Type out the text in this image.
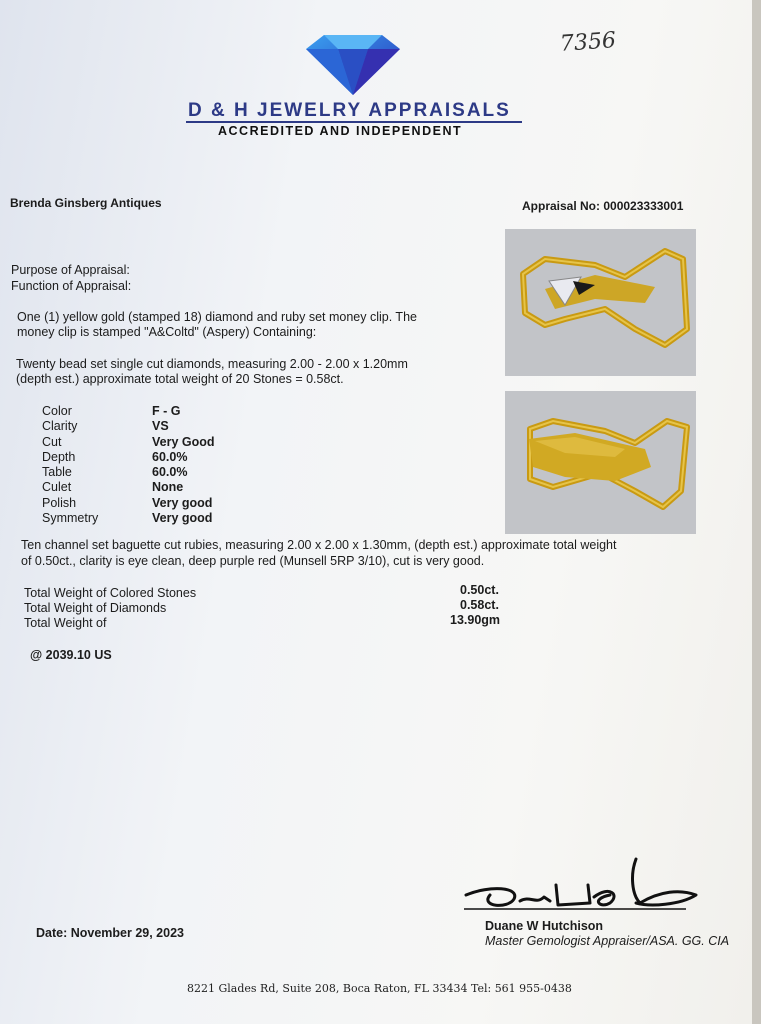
7356
D & H JEWELRY APPRAISALS
ACCREDITED AND INDEPENDENT
Brenda Ginsberg Antiques	Appraisal No: 000023333001
Purpose of Appraisal:
Function of Appraisal:
One (1) yellow gold (stamped 18) diamond and ruby set money clip. The
money clip is stamped "A&Coltd" (Aspery) Containing:
Twenty bead set single cut diamonds, measuring 2.00 - 2.00 x 1.20mm
(depth est.) approximate total weight of 20 Stones = 0.58ct.
Color	F - G
Clarity	VS
Cut	Very Good
Depth	60.0%
Table	60.0%
Culet	None
Polish	Very good
Symmetry	Very good
Ten channel set baguette cut rubies, measuring 2.00 x 2.00 x 1.30mm, (depth est.) approximate total weight
of 0.50ct., clarity is eye clean, deep purple red (Munsell 5RP 3/10), cut is very good.
Total Weight of Colored Stones	0.50ct.
Total Weight of Diamonds	0.58ct.
Total Weight of	13.90gm
@ 2039.10 US
Date: November 29, 2023	Duane W Hutchison
Master Gemologist Appraiser/ASA. GG. CIA
8221 Glades Rd, Suite 208, Boca Raton, FL 33434 Tel: 561 955-0438
